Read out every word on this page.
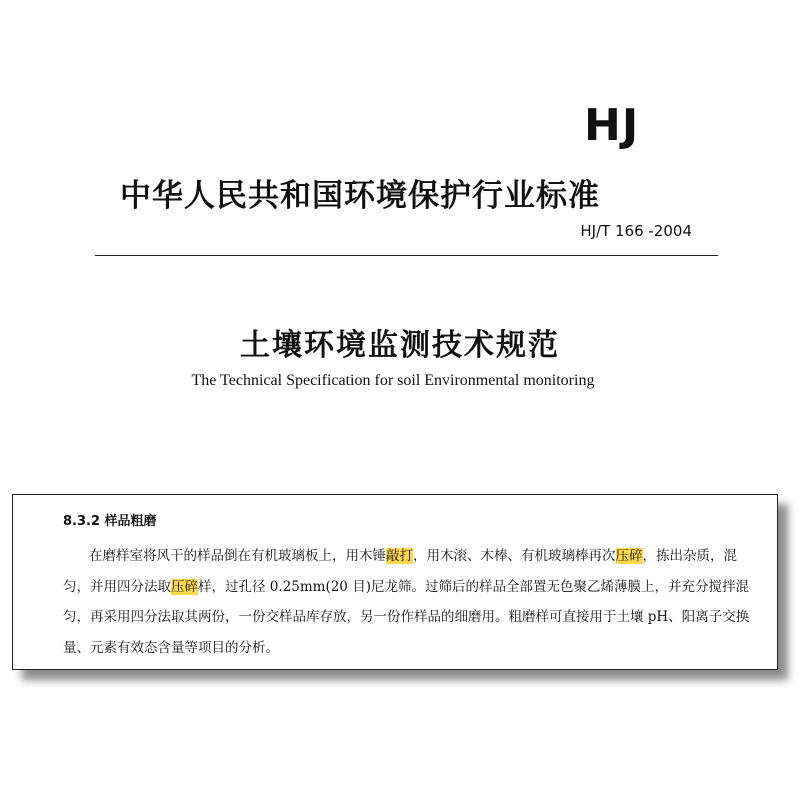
HJ
中华人民共和国环境保护行业标准
HJ/T 166 -2004
土壤环境监测技术规范
The Technical Specification for soil Environmental monitoring
8.3.2 样品粗磨

在磨样室将风干的样品倒在有机玻璃板上，用木锤敲打，用木滚、木棒、有机玻璃棒再次压碎，拣出杂质，混匀，并用四分法取压碎样，过孔径 0.25mm(20 目)尼龙筛。过筛后的样品全部置无色聚乙烯薄膜上，并充分搅拌混匀，再采用四分法取其两份，一份交样品库存放，另一份作样品的细磨用。粗磨样可直接用于土壤 pH、阳离子交换量、元素有效态含量等项目的分析。
